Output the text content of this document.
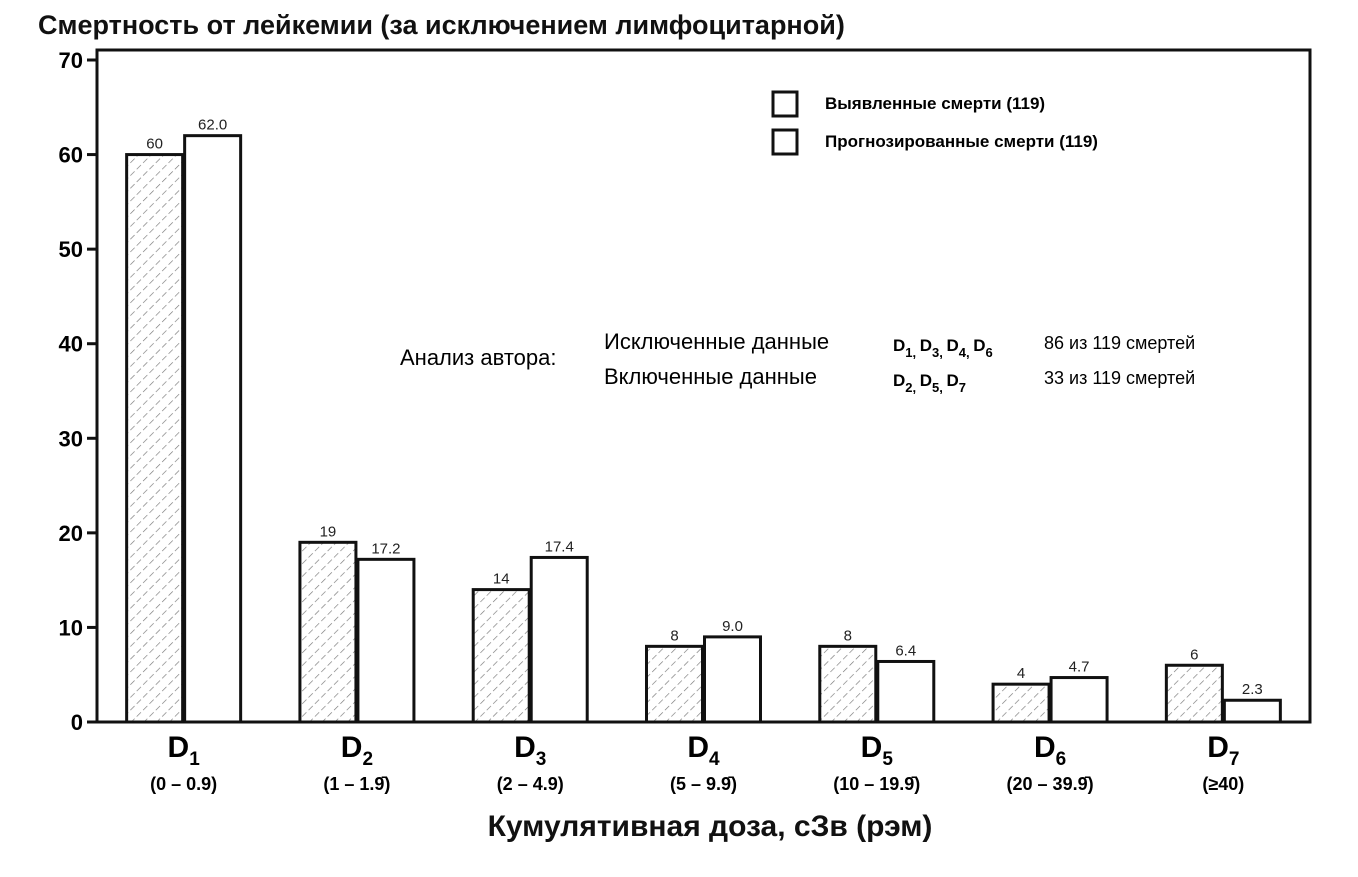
Смертность от лейкемии (за исключением лимфоцитарной)
0
10
20
30
40
50
60
70
60
62.0
19
17.2
14
17.4
8
9.0
8
6.4
4	4.7
6
2.3
$D_1$
(0 – 0.9)
$D_2$
(1 – 1.9̄)
$D_3$
(2 – 4.9)
$D_4$
(5 – 9.9̄)
$D_5$
(10 – 19.9̄)
$D_6$
(20 – 39.9̄)
$D_7$
(≥40)
Выявленные смерти (119)
Прогнозированные смерти (119)
Анализ автора:
Исключенные данные	$D_{1,}$ $^D_{3,}$ $^D_{4,}$ $^D_6$	86 из 119 смертей
Включенные данные	$D_{2,}$ $^D_{5,}$ $^D_7$	33 из 119 смертей
Кумулятивная доза, сЗв (рэм)
